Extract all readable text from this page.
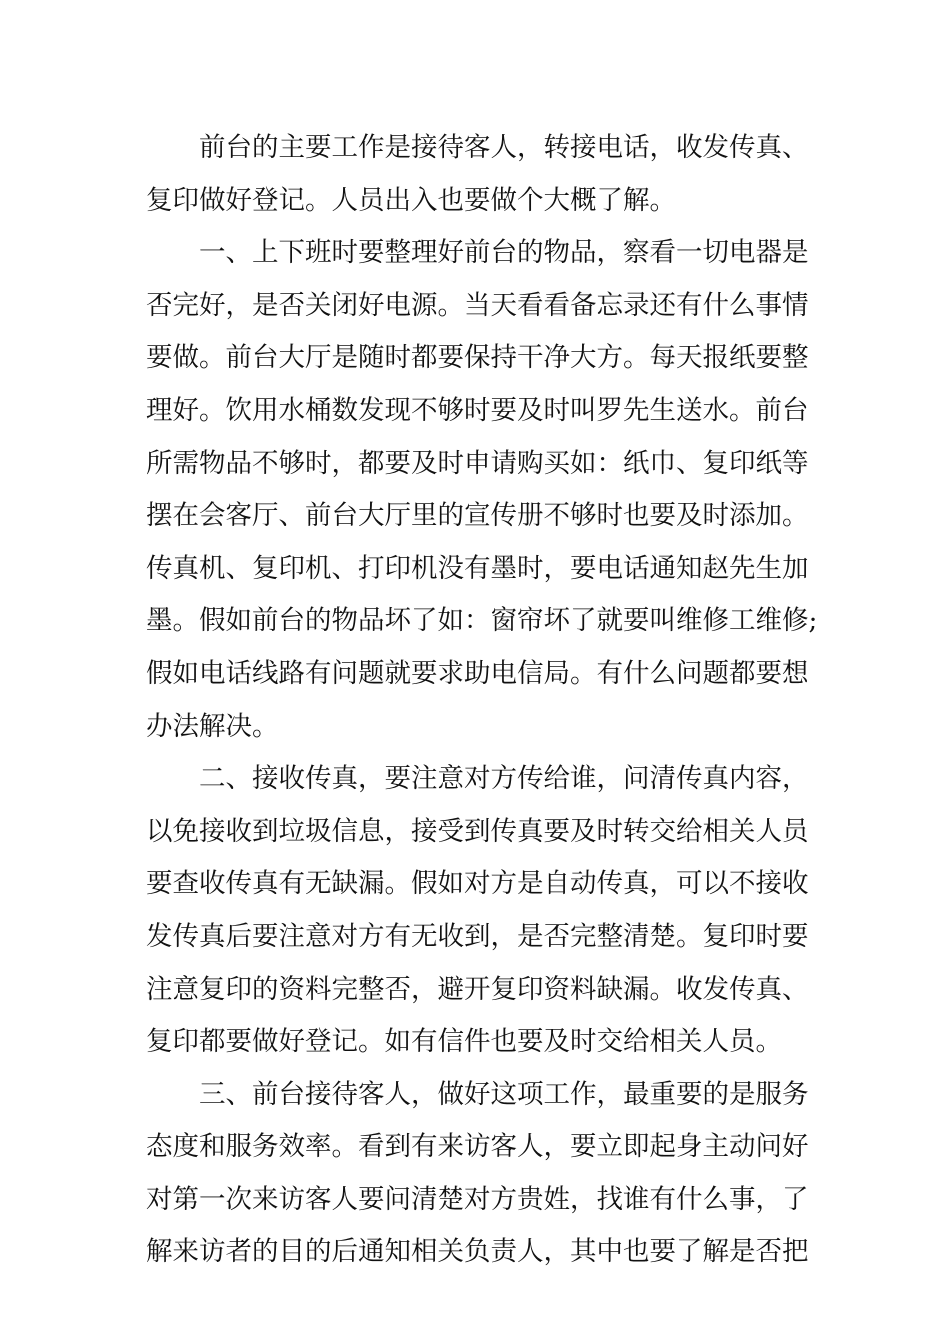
前台的主要工作是接待客人，转接电话，收发传真、
复印做好登记。人员出入也要做个大概了解。
一、上下班时要整理好前台的物品，察看一切电器是
否完好，是否关闭好电源。当天看看备忘录还有什么事情
要做。前台大厅是随时都要保持干净大方。每天报纸要整
理好。饮用水桶数发现不够时要及时叫罗先生送水。前台
所需物品不够时，都要及时申请购买如：纸巾、复印纸等
摆在会客厅、前台大厅里的宣传册不够时也要及时添加。
传真机、复印机、打印机没有墨时，要电话通知赵先生加
墨。假如前台的物品坏了如：窗帘坏了就要叫维修工维修;
假如电话线路有问题就要求助电信局。有什么问题都要想
办法解决。
二、接收传真，要注意对方传给谁，问清传真内容，
以免接收到垃圾信息，接受到传真要及时转交给相关人员
要查收传真有无缺漏。假如对方是自动传真，可以不接收
发传真后要注意对方有无收到，是否完整清楚。复印时要
注意复印的资料完整否，避开复印资料缺漏。收发传真、
复印都要做好登记。如有信件也要及时交给相关人员。
三、前台接待客人，做好这项工作，最重要的是服务
态度和服务效率。看到有来访客人，要立即起身主动问好
对第一次来访客人要问清楚对方贵姓，找谁有什么事，了
解来访者的目的后通知相关负责人，其中也要了解是否把
